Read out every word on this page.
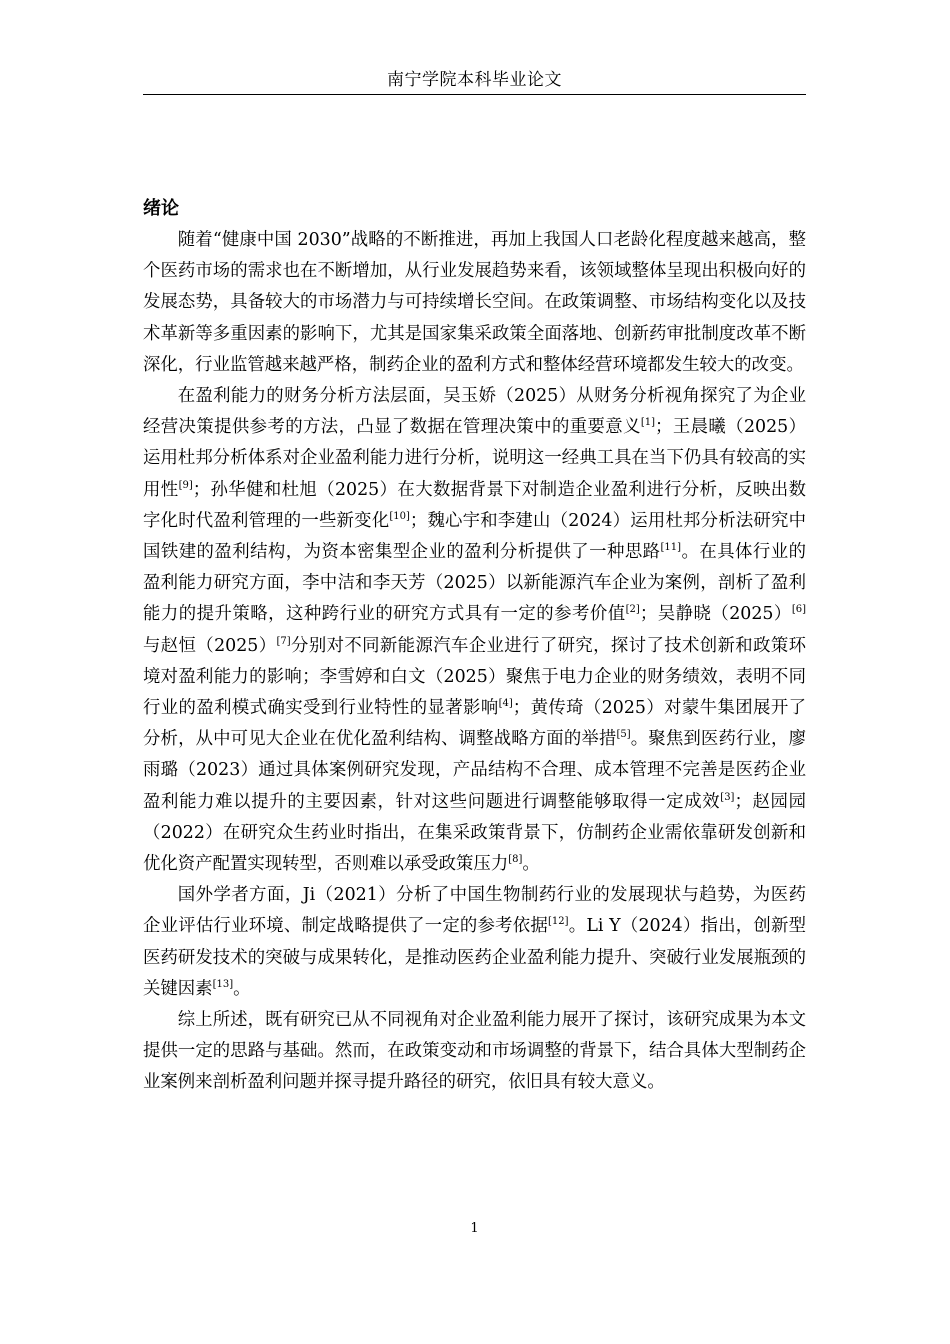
南宁学院本科毕业论文
绪论

随着“健康中国 2030”战略的不断推进，再加上我国人口老龄化程度越来越高，整个医药市场的需求也在不断增加，从行业发展趋势来看，该领域整体呈现出积极向好的发展态势，具备较大的市场潜力与可持续增长空间。在政策调整、市场结构变化以及技术革新等多重因素的影响下，尤其是国家集采政策全面落地、创新药审批制度改革不断深化，行业监管越来越严格，制药企业的盈利方式和整体经营环境都发生较大的改变。

在盈利能力的财务分析方法层面，吴玉娇（2025）从财务分析视角探究了为企业经营决策提供参考的方法，凸显了数据在管理决策中的重要意义[1]；王晨曦（2025）运用杜邦分析体系对企业盈利能力进行分析，说明这一经典工具在当下仍具有较高的实用性[9]；孙华健和杜旭（2025）在大数据背景下对制造企业盈利进行分析，反映出数字化时代盈利管理的一些新变化[10]；魏心宇和李建山（2024）运用杜邦分析法研究中国铁建的盈利结构，为资本密集型企业的盈利分析提供了一种思路[11]。在具体行业的盈利能力研究方面，李中洁和李天芳（2025）以新能源汽车企业为案例，剖析了盈利能力的提升策略，这种跨行业的研究方式具有一定的参考价值[2]；吴静晓（2025）[6]与赵恒（2025）[7]分别对不同新能源汽车企业进行了研究，探讨了技术创新和政策环境对盈利能力的影响；李雪婷和白文（2025）聚焦于电力企业的财务绩效，表明不同行业的盈利模式确实受到行业特性的显著影响[4]；黄传琦（2025）对蒙牛集团展开了分析，从中可见大企业在优化盈利结构、调整战略方面的举措[5]。聚焦到医药行业，廖雨璐（2023）通过具体案例研究发现，产品结构不合理、成本管理不完善是医药企业盈利能力难以提升的主要因素，针对这些问题进行调整能够取得一定成效[3]；赵园园（2022）在研究众生药业时指出，在集采政策背景下，仿制药企业需依靠研发创新和优化资产配置实现转型，否则难以承受政策压力[8]。

国外学者方面，Ji（2021）分析了中国生物制药行业的发展现状与趋势，为医药企业评估行业环境、制定战略提供了一定的参考依据[12]。Li Y（2024）指出，创新型医药研发技术的突破与成果转化，是推动医药企业盈利能力提升、突破行业发展瓶颈的关键因素[13]。

综上所述，既有研究已从不同视角对企业盈利能力展开了探讨，该研究成果为本文提供一定的思路与基础。然而，在政策变动和市场调整的背景下，结合具体大型制药企业案例来剖析盈利问题并探寻提升路径的研究，依旧具有较大意义。

1
